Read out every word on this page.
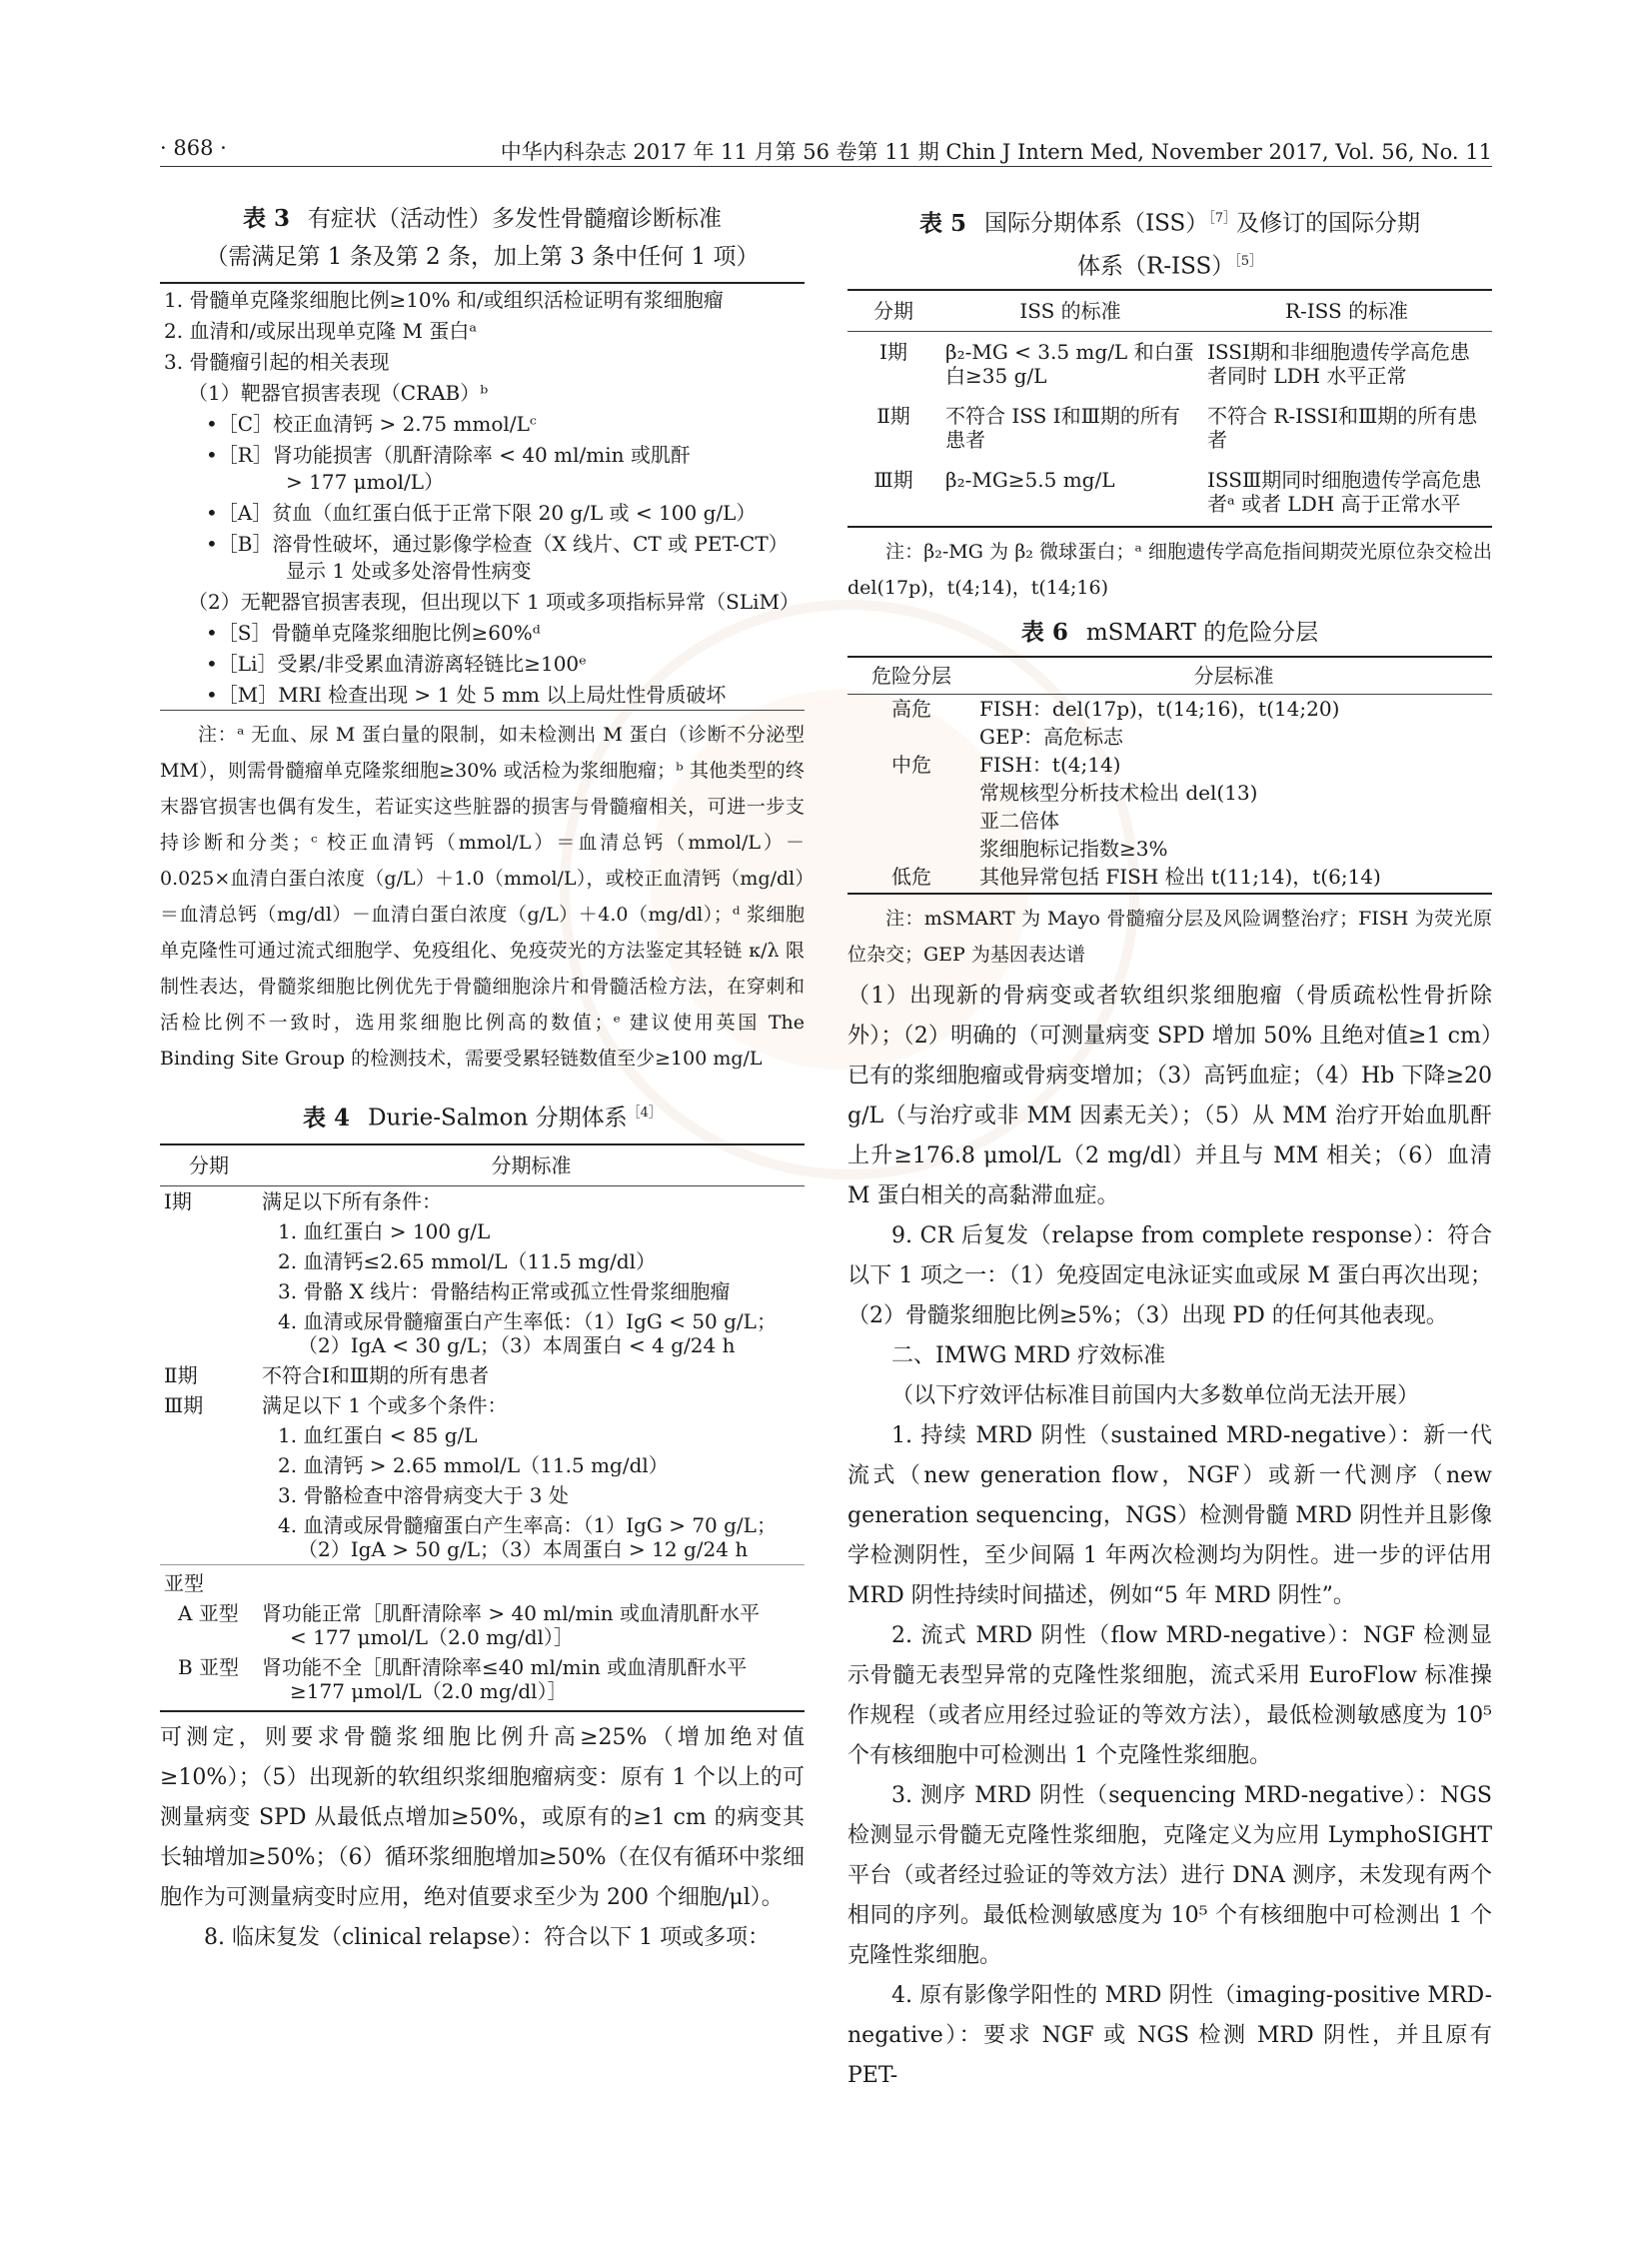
· 868 ·	中华内科杂志 2017 年 11 月第 56 卷第 11 期 Chin J Intern Med, November 2017, Vol. 56, No. 11

表 3 有症状（活动性）多发性骨髓瘤诊断标准

（需满足第 1 条及第 2 条，加上第 3 条中任何 1 项）

1. 骨髓单克隆浆细胞比例≥10% 和/或组织活检证明有浆细胞瘤
2. 血清和/或尿出现单克隆 M 蛋白ᵃ
3. 骨髓瘤引起的相关表现
（1）靶器官损害表现（CRAB）ᵇ
•［C］校正血清钙 > 2.75 mmol/Lᶜ
•［R］肾功能损害（肌酐清除率 < 40 ml/min 或肌酐
> 177 μmol/L）
•［A］贫血（血红蛋白低于正常下限 20 g/L 或 < 100 g/L）
•［B］溶骨性破坏，通过影像学检查（X 线片、CT 或 PET-CT）
显示 1 处或多处溶骨性病变
（2）无靶器官损害表现，但出现以下 1 项或多项指标异常（SLiM）
•［S］骨髓单克隆浆细胞比例≥60%ᵈ
•［Li］受累/非受累血清游离轻链比≥100ᵉ
•［M］MRI 检查出现 > 1 处 5 mm 以上局灶性骨质破坏

注：ᵃ 无血、尿 M 蛋白量的限制，如未检测出 M 蛋白（诊断不分泌型 MM），则需骨髓瘤单克隆浆细胞≥30% 或活检为浆细胞瘤；ᵇ 其他类型的终末器官损害也偶有发生，若证实这些脏器的损害与骨髓瘤相关，可进一步支持诊断和分类；ᶜ 校正血清钙（mmol/L）＝血清总钙（mmol/L）－0.025×血清白蛋白浓度（g/L）＋1.0（mmol/L），或校正血清钙（mg/dl）＝血清总钙（mg/dl）－血清白蛋白浓度（g/L）＋4.0（mg/dl）；ᵈ 浆细胞单克隆性可通过流式细胞学、免疫组化、免疫荧光的方法鉴定其轻链 κ/λ 限制性表达，骨髓浆细胞比例优先于骨髓细胞涂片和骨髓活检方法，在穿刺和活检比例不一致时，选用浆细胞比例高的数值；ᵉ 建议使用英国 The Binding Site Group 的检测技术，需要受累轻链数值至少≥100 mg/L

表 4 Durie-Salmon 分期体系$^{[4]}$

分期	分期标准
Ⅰ期	满足以下所有条件：
	1. 血红蛋白 > 100 g/L
	2. 血清钙≤2.65 mmol/L（11.5 mg/dl）
	3. 骨骼 X 线片：骨骼结构正常或孤立性骨浆细胞瘤

	4. 血清或尿骨髓瘤蛋白产生率低：（1）IgG < 50 g/L；
（2）IgA < 30 g/L；（3）本周蛋白 < 4 g/24 h

Ⅱ期	不符合Ⅰ和Ⅲ期的所有患者
Ⅲ期	满足以下 1 个或多个条件：
	1. 血红蛋白 < 85 g/L
	2. 血清钙 > 2.65 mmol/L（11.5 mg/dl）
	3. 骨骼检查中溶骨病变大于 3 处

	4. 血清或尿骨髓瘤蛋白产生率高：（1）IgG > 70 g/L；
（2）IgA > 50 g/L；（3）本周蛋白 > 12 g/24 h

亚型	
A 亚型	肾功能正常［肌酐清除率 > 40 ml/min 或血清肌酐水平
< 177 μmol/L（2.0 mg/dl）］

B 亚型	肾功能不全［肌酐清除率≤40 ml/min 或血清肌酐水平
≥177 μmol/L（2.0 mg/dl）］

可测定，则要求骨髓浆细胞比例升高≥25%（增加绝对值≥10%）；（5）出现新的软组织浆细胞瘤病变：原有 1 个以上的可测量病变 SPD 从最低点增加≥50%，或原有的≥1 cm 的病变其长轴增加≥50%；（6）循环浆细胞增加≥50%（在仅有循环中浆细胞作为可测量病变时应用，绝对值要求至少为 200 个细胞/μl）。

8. 临床复发（clinical relapse）：符合以下 1 项或多项：

表 5 国际分期体系（ISS）$^{[7]}$及修订的国际分期

体系$(R-ISS)^{[5]}$

分期	ISS 的标准	R-ISS 的标准
Ⅰ期	β₂-MG < 3.5 mg/L 和白蛋白≥35 g/L	ISSⅠ期和非细胞遗传学高危患者同时 LDH 水平正常
Ⅱ期	不符合 ISS Ⅰ和Ⅲ期的所有患者	不符合 R-ISSⅠ和Ⅲ期的所有患者
Ⅲ期	β₂-MG≥5.5 mg/L	ISSⅢ期同时细胞遗传学高危患者ᵃ 或者 LDH 高于正常水平

注：β₂-MG 为 β₂ 微球蛋白；ᵃ 细胞遗传学高危指间期荧光原位杂交检出 del(17p)，t(4;14)，t(14;16)

表 6 mSMART 的危险分层

危险分层	分层标准
高危	FISH：del(17p)，t(14;16)，t(14;20)
	GEP：高危标志
中危	FISH：t(4;14)
	常规核型分析技术检出 del(13)
	亚二倍体
	浆细胞标记指数≥3%
低危	其他异常包括 FISH 检出 t(11;14)，t(6;14)

注：mSMART 为 Mayo 骨髓瘤分层及风险调整治疗；FISH 为荧光原位杂交；GEP 为基因表达谱

（1）出现新的骨病变或者软组织浆细胞瘤（骨质疏松性骨折除外）；（2）明确的（可测量病变 SPD 增加 50% 且绝对值≥1 cm）已有的浆细胞瘤或骨病变增加；（3）高钙血症；（4）Hb 下降≥20 g/L（与治疗或非 MM 因素无关）；（5）从 MM 治疗开始血肌酐上升≥176.8 μmol/L（2 mg/dl）并且与 MM 相关；（6）血清 M 蛋白相关的高黏滞血症。

9. CR 后复发（relapse from complete response）：符合以下 1 项之一：（1）免疫固定电泳证实血或尿 M 蛋白再次出现；（2）骨髓浆细胞比例≥5%；（3）出现 PD 的任何其他表现。

二、IMWG MRD 疗效标准

（以下疗效评估标准目前国内大多数单位尚无法开展）

1. 持续 MRD 阴性（sustained MRD-negative）：新一代流式（new generation flow，NGF）或新一代测序（new generation sequencing，NGS）检测骨髓 MRD 阴性并且影像学检测阴性，至少间隔 1 年两次检测均为阴性。进一步的评估用 MRD 阴性持续时间描述，例如“5 年 MRD 阴性”。

2. 流式 MRD 阴性（flow MRD-negative）：NGF 检测显示骨髓无表型异常的克隆性浆细胞，流式采用 EuroFlow 标准操作规程（或者应用经过验证的等效方法），最低检测敏感度为 10⁵ 个有核细胞中可检测出 1 个克隆性浆细胞。

3. 测序 MRD 阴性（sequencing MRD-negative）：NGS 检测显示骨髓无克隆性浆细胞，克隆定义为应用 LymphoSIGHT 平台（或者经过验证的等效方法）进行 DNA 测序，未发现有两个相同的序列。最低检测敏感度为 10⁵ 个有核细胞中可检测出 1 个克隆性浆细胞。

4. 原有影像学阳性的 MRD 阴性（imaging-positive MRD-negative）：要求 NGF 或 NGS 检测 MRD 阴性，并且原有 PET-
